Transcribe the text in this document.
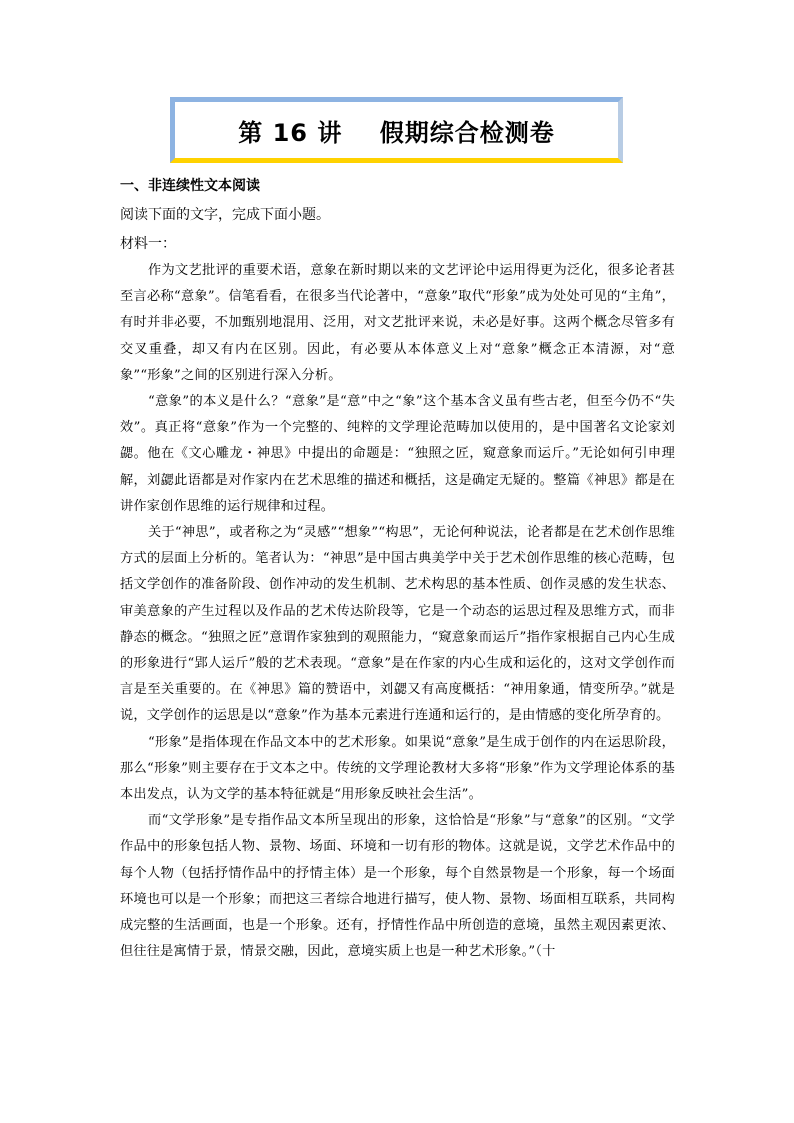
第 16 讲    假期综合检测卷
一、非连续性文本阅读
阅读下面的文字，完成下面小题。
材料一：

作为文艺批评的重要术语，意象在新时期以来的文艺评论中运用得更为泛化，很多论者甚至言必称“意象”。信笔看看，在很多当代论著中，“意象”取代“形象”成为处处可见的“主角”，有时并非必要，不加甄别地混用、泛用，对文艺批评来说，未必是好事。这两个概念尽管多有交叉重叠，却又有内在区别。因此，有必要从本体意义上对“意象”概念正本清源，对“意象”“形象”之间的区别进行深入分析。

“意象”的本义是什么？“意象”是“意”中之“象”这个基本含义虽有些古老，但至今仍不“失效”。真正将“意象”作为一个完整的、纯粹的文学理论范畴加以使用的，是中国著名文论家刘勰。他在《文心雕龙・神思》中提出的命题是：“独照之匠，窥意象而运斤。”无论如何引申理解，刘勰此语都是对作家内在艺术思维的描述和概括，这是确定无疑的。整篇《神思》都是在讲作家创作思维的运行规律和过程。

关于“神思”，或者称之为“灵感”“想象”“构思”，无论何种说法，论者都是在艺术创作思维方式的层面上分析的。笔者认为：“神思”是中国古典美学中关于艺术创作思维的核心范畴，包括文学创作的准备阶段、创作冲动的发生机制、艺术构思的基本性质、创作灵感的发生状态、审美意象的产生过程以及作品的艺术传达阶段等，它是一个动态的运思过程及思维方式，而非静态的概念。“独照之匠”意谓作家独到的观照能力，“窥意象而运斤”指作家根据自己内心生成的形象进行“郢人运斤”般的艺术表现。“意象”是在作家的内心生成和运化的，这对文学创作而言是至关重要的。在《神思》篇的赞语中，刘勰又有高度概括：“神用象通，情变所孕。”就是说，文学创作的运思是以“意象”作为基本元素进行连通和运行的，是由情感的变化所孕育的。

“形象”是指体现在作品文本中的艺术形象。如果说“意象”是生成于创作的内在运思阶段，那么“形象”则主要存在于文本之中。传统的文学理论教材大多将“形象”作为文学理论体系的基本出发点，认为文学的基本特征就是“用形象反映社会生活”。

而“文学形象”是专指作品文本所呈现出的形象，这恰恰是“形象”与“意象”的区别。“文学作品中的形象包括人物、景物、场面、环境和一切有形的物体。这就是说，文学艺术作品中的每个人物（包括抒情作品中的抒情主体）是一个形象，每个自然景物是一个形象，每一个场面环境也可以是一个形象；而把这三者综合地进行描写，使人物、景物、场面相互联系，共同构成完整的生活画面，也是一个形象。还有，抒情性作品中所创造的意境，虽然主观因素更浓、但往往是寓情于景，情景交融，因此，意境实质上也是一种艺术形象。”（十
